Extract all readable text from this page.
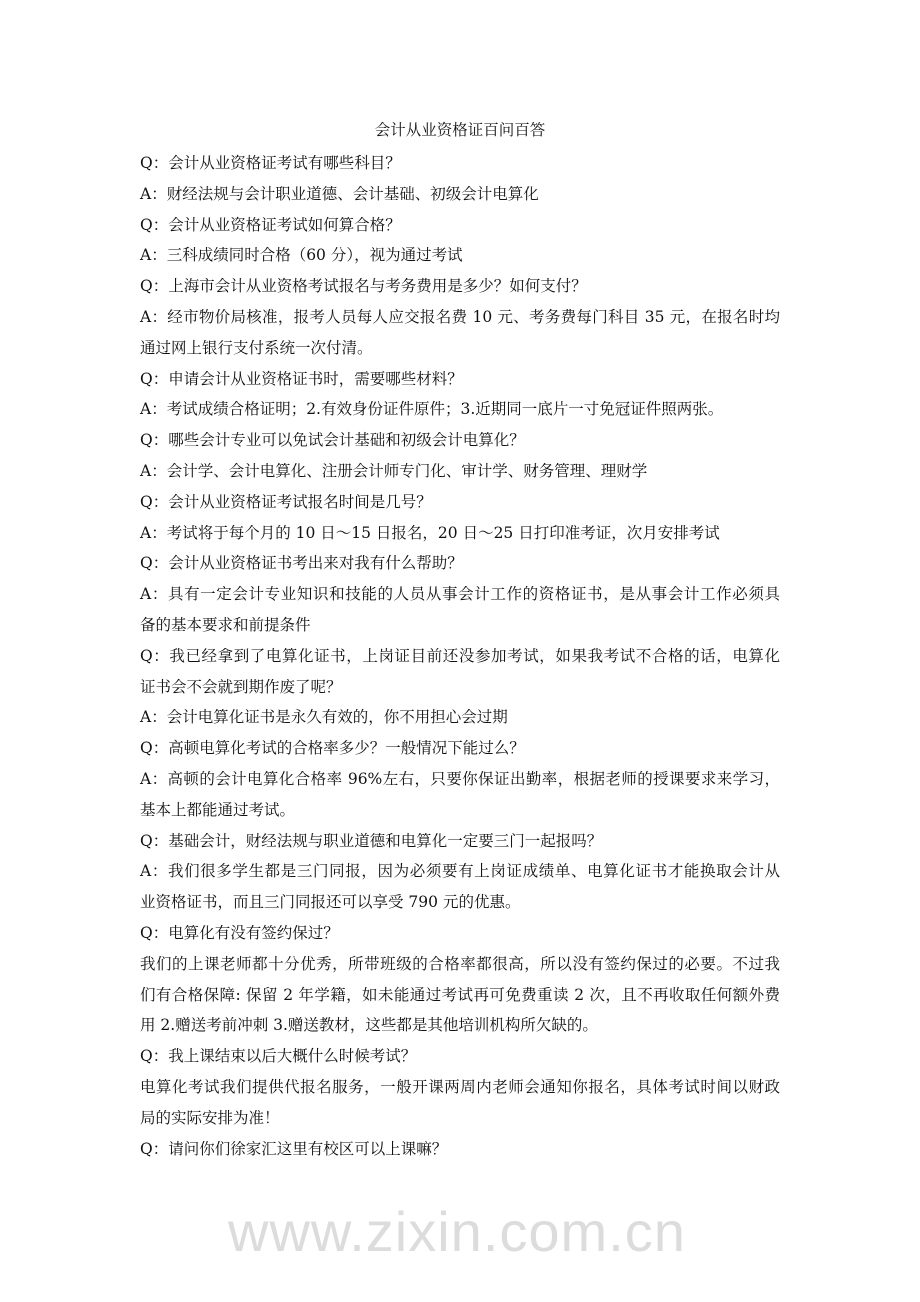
会计从业资格证百问百答
Q：会计从业资格证考试有哪些科目？
A：财经法规与会计职业道德、会计基础、初级会计电算化
Q：会计从业资格证考试如何算合格？
A：三科成绩同时合格（60 分），视为通过考试
Q：上海市会计从业资格考试报名与考务费用是多少？如何支付？
A：经市物价局核准，报考人员每人应交报名费 10 元、考务费每门科目 35 元，在报名时均
通过网上银行支付系统一次付清。
Q：申请会计从业资格证书时，需要哪些材料？
A：考试成绩合格证明；2.有效身份证件原件；3.近期同一底片一寸免冠证件照两张。
Q：哪些会计专业可以免试会计基础和初级会计电算化？
A：会计学、会计电算化、注册会计师专门化、审计学、财务管理、理财学
Q：会计从业资格证考试报名时间是几号？
A：考试将于每个月的 10 日～15 日报名，20 日～25 日打印准考证，次月安排考试
Q：会计从业资格证书考出来对我有什么帮助？
A：具有一定会计专业知识和技能的人员从事会计工作的资格证书，是从事会计工作必须具
备的基本要求和前提条件
Q：我已经拿到了电算化证书，上岗证目前还没参加考试，如果我考试不合格的话，电算化
证书会不会就到期作废了呢？
A：会计电算化证书是永久有效的，你不用担心会过期
Q：高顿电算化考试的合格率多少？一般情况下能过么？
A：高顿的会计电算化合格率 96%左右，只要你保证出勤率，根据老师的授课要求来学习，
基本上都能通过考试。
Q：基础会计，财经法规与职业道德和电算化一定要三门一起报吗？
A：我们很多学生都是三门同报，因为必须要有上岗证成绩单、电算化证书才能换取会计从
业资格证书，而且三门同报还可以享受 790 元的优惠。
Q：电算化有没有签约保过？
我们的上课老师都十分优秀，所带班级的合格率都很高，所以没有签约保过的必要。不过我
们有合格保障: 保留 2 年学籍，如未能通过考试再可免费重读 2 次，且不再收取任何额外费
用 2.赠送考前冲刺 3.赠送教材，这些都是其他培训机构所欠缺的。
Q：我上课结束以后大概什么时候考试？
电算化考试我们提供代报名服务，一般开课两周内老师会通知你报名，具体考试时间以财政
局的实际安排为准！
Q：请问你们徐家汇这里有校区可以上课嘛？
www.zixin.com.cn
